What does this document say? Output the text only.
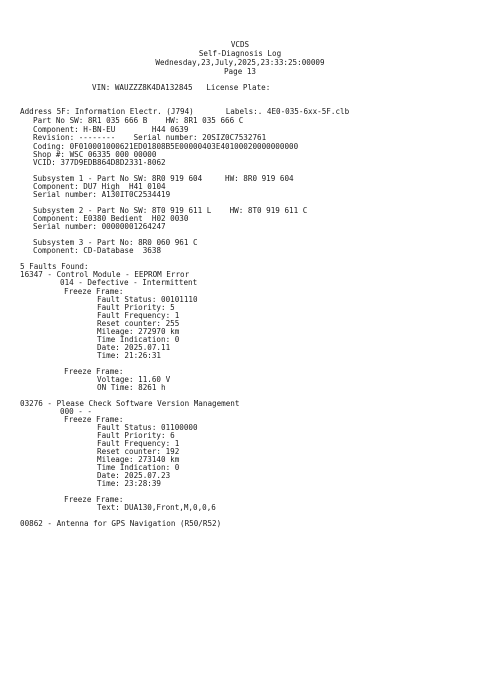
VCDS
Self-Diagnosis Log
Wednesday,23,July,2025,23:33:25:00009
Page 13
VIN: WAUZZZ8K4DA132845   License Plate:
Address 5F: Information Electr. (J794)       Labels:. 4E0-035-6xx-5F.clb
Part No SW: 8R1 035 666 B    HW: 8R1 035 666 C
Component: H-BN-EU        H44 0639
Revision: --------    Serial number: 20SIZ0C7532761
Coding: 0F010001000621ED01808B5E00000403E40100020000000000
Shop #: WSC 06335 000 00000
VCID: 377D9EDB864D8D2331-8062
Subsystem 1 - Part No SW: 8R0 919 604     HW: 8R0 919 604
Component: DU7 High  H41 0104
Serial number: A130IT0C2534419
Subsystem 2 - Part No SW: 8T0 919 611 L    HW: 8T0 919 611 C
Component: E0380 Bedient  H02 0030
Serial number: 00000001264247
Subsystem 3 - Part No: 8R0 060 961 C
Component: CD-Database  3638
5 Faults Found:
16347 - Control Module - EEPROM Error
014 - Defective - Intermittent
Freeze Frame:
Fault Status: 00101110
Fault Priority: 5
Fault Frequency: 1
Reset counter: 255
Mileage: 272970 km
Time Indication: 0
Date: 2025.07.11
Time: 21:26:31
Freeze Frame:
Voltage: 11.60 V
ON Time: 8261 h
03276 - Please Check Software Version Management
000 - -
Freeze Frame:
Fault Status: 01100000
Fault Priority: 6
Fault Frequency: 1
Reset counter: 192
Mileage: 273140 km
Time Indication: 0
Date: 2025.07.23
Time: 23:28:39
Freeze Frame:
Text: DUA130,Front,M,0,0,6
00862 - Antenna for GPS Navigation (R50/R52)
